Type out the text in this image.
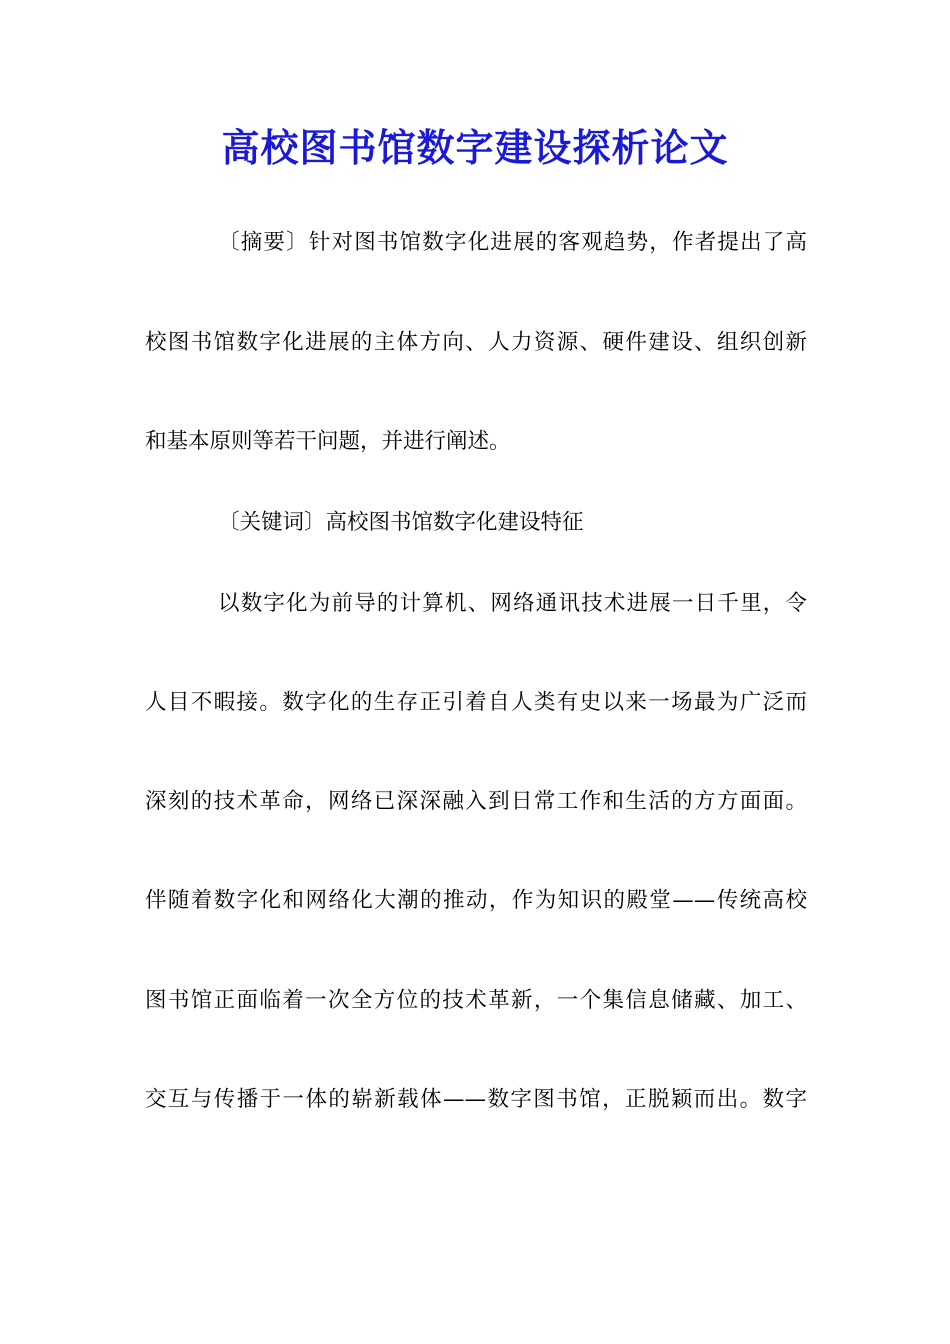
高校图书馆数字建设探析论文

〔摘要〕针对图书馆数字化进展的客观趋势，作者提出了高

校图书馆数字化进展的主体方向、人力资源、硬件建设、组织创新

和基本原则等若干问题，并进行阐述。

〔关键词〕高校图书馆数字化建设特征

以数字化为前导的计算机、网络通讯技术进展一日千里，令

人目不暇接。数字化的生存正引着自人类有史以来一场最为广泛而

深刻的技术革命，网络已深深融入到日常工作和生活的方方面面。

伴随着数字化和网络化大潮的推动，作为知识的殿堂——传统高校

图书馆正面临着一次全方位的技术革新，一个集信息储藏、加工、

交互与传播于一体的崭新载体——数字图书馆，正脱颖而出。数字
